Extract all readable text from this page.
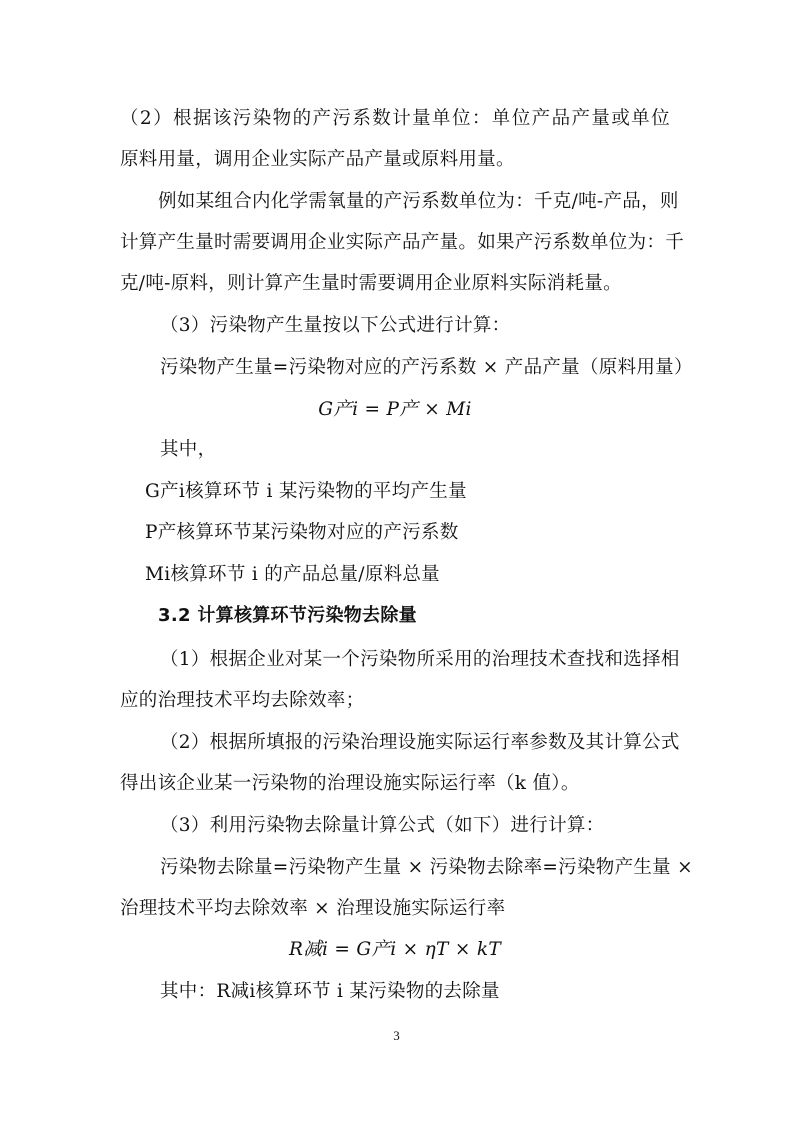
（2）根据该污染物的产污系数计量单位：单位产品产量或单位
原料用量，调用企业实际产品产量或原料用量。
例如某组合内化学需氧量的产污系数单位为：千克/吨-产品，则
计算产生量时需要调用企业实际产品产量。如果产污系数单位为：千
克/吨-原料，则计算产生量时需要调用企业原料实际消耗量。
（3）污染物产生量按以下公式进行计算：
污染物产生量=污染物对应的产污系数 × 产品产量（原料用量）
G产i = P产 × Mi
其中，
G产i核算环节 i 某污染物的平均产生量
P产核算环节某污染物对应的产污系数
Mi核算环节 i 的产品总量/原料总量
3.2 计算核算环节污染物去除量
（1）根据企业对某一个污染物所采用的治理技术查找和选择相
应的治理技术平均去除效率；
（2）根据所填报的污染治理设施实际运行率参数及其计算公式
得出该企业某一污染物的治理设施实际运行率（k 值）。
（3）利用污染物去除量计算公式（如下）进行计算：
污染物去除量=污染物产生量 × 污染物去除率=污染物产生量 ×
治理技术平均去除效率 × 治理设施实际运行率
R减i = G产i × ηT × kT
其中：R减i核算环节 i 某污染物的去除量
3
